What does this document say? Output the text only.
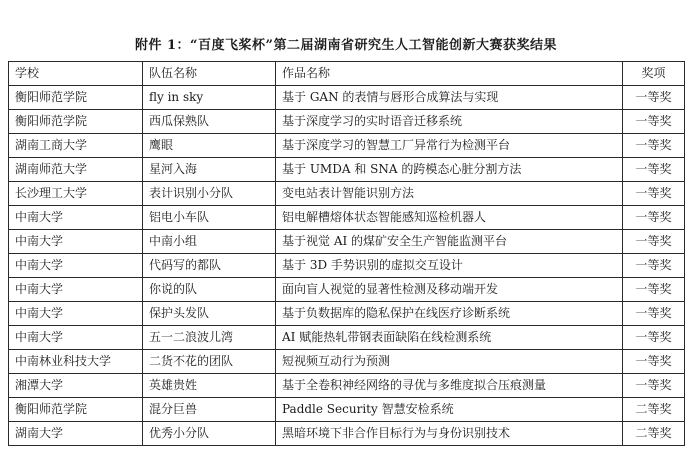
附件 1：“百度飞桨杯”第二届湖南省研究生人工智能创新大赛获奖结果
学校	队伍名称	作品名称	奖项
衡阳师范学院	fly in sky	基于 GAN 的表情与唇形合成算法与实现	一等奖
衡阳师范学院	西瓜保熟队	基于深度学习的实时语音迁移系统	一等奖
湖南工商大学	鹰眼	基于深度学习的智慧工厂异常行为检测平台	一等奖
湖南师范大学	星河入海	基于 UMDA 和 SNA 的跨模态心脏分割方法	一等奖
长沙理工大学	表计识别小分队	变电站表计智能识别方法	一等奖
中南大学	铝电小车队	铝电解槽熔体状态智能感知巡检机器人	一等奖
中南大学	中南小组	基于视觉 AI 的煤矿安全生产智能监测平台	一等奖
中南大学	代码写的都队	基于 3D 手势识别的虚拟交互设计	一等奖
中南大学	你说的队	面向盲人视觉的显著性检测及移动端开发	一等奖
中南大学	保护头发队	基于负数据库的隐私保护在线医疗诊断系统	一等奖
中南大学	五一二浪波儿湾	AI 赋能热轧带钢表面缺陷在线检测系统	一等奖
中南林业科技大学	二货不花的团队	短视频互动行为预测	一等奖
湘潭大学	英雄贵姓	基于全卷积神经网络的寻优与多维度拟合压痕测量	一等奖
衡阳师范学院	混分巨兽	Paddle Security 智慧安检系统	二等奖
湖南大学	优秀小分队	黑暗环境下非合作目标行为与身份识别技术	二等奖
